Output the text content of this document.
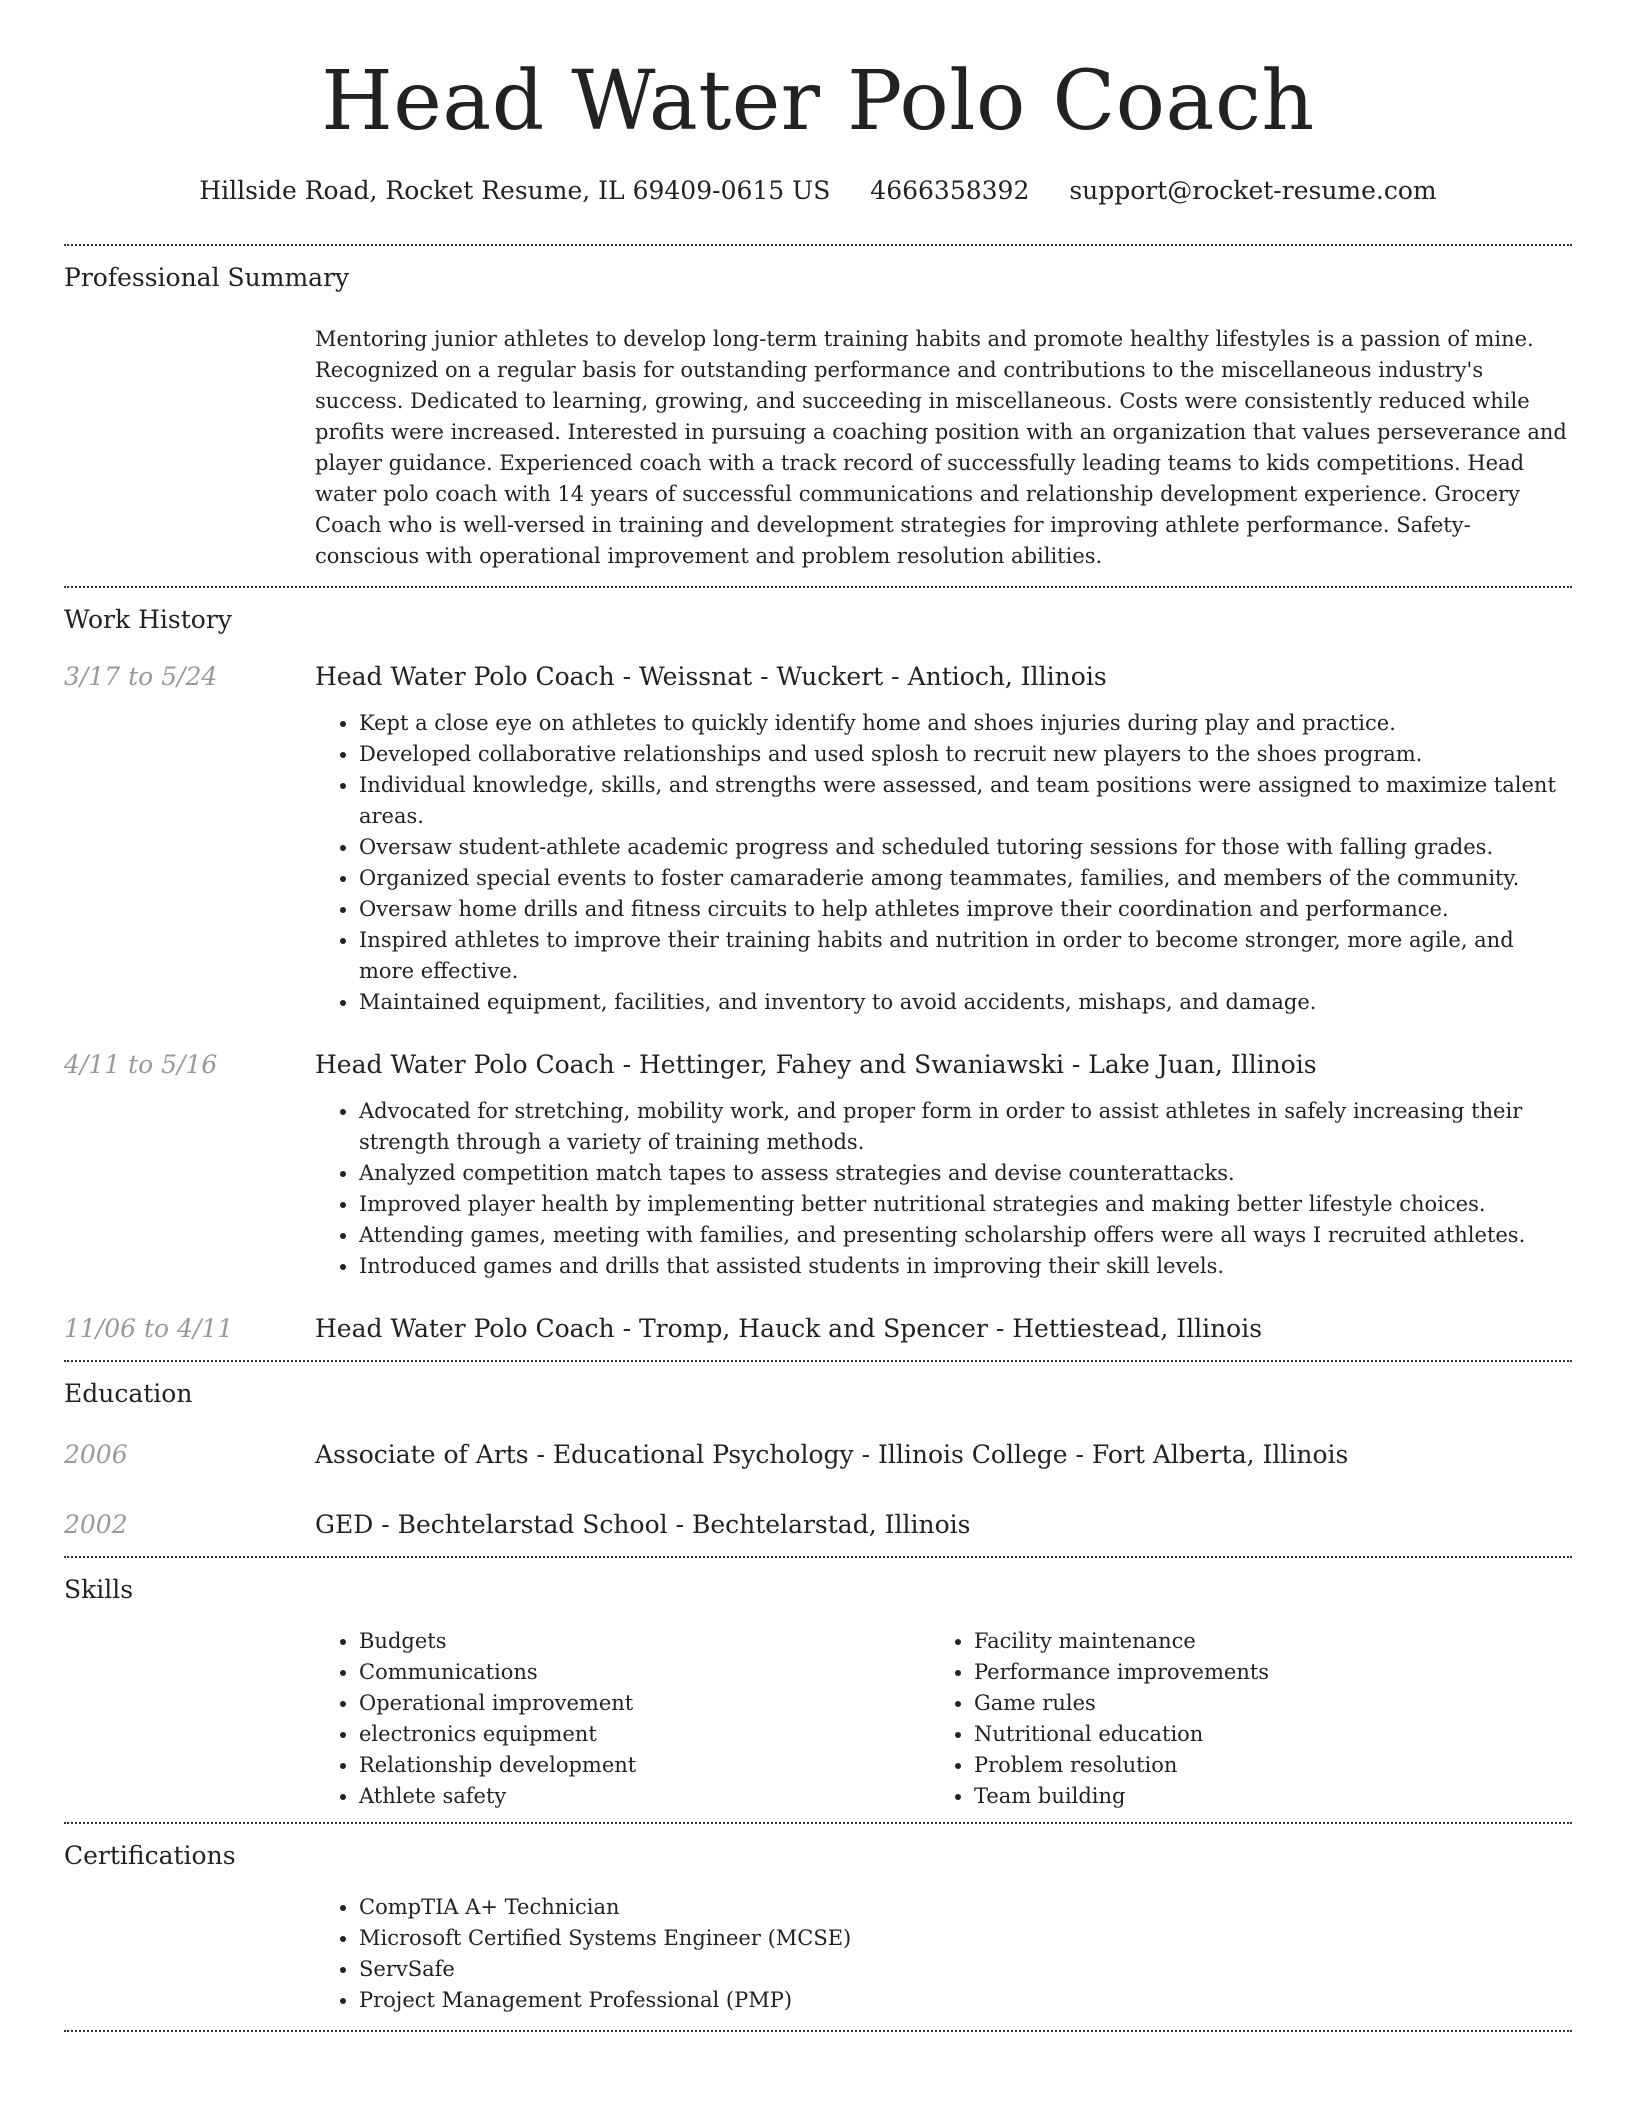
Head Water Polo Coach
Hillside Road, Rocket Resume, IL 69409-0615 US 4666358392 support@rocket-resume.com
Professional Summary
Mentoring junior athletes to develop long-term training habits and promote healthy lifestyles is a passion of mine. Recognized on a regular basis for outstanding performance and contributions to the miscellaneous industry's success. Dedicated to learning, growing, and succeeding in miscellaneous. Costs were consistently reduced while profits were increased. Interested in pursuing a coaching position with an organization that values perseverance and player guidance. Experienced coach with a track record of successfully leading teams to kids competitions. Head water polo coach with 14 years of successful communications and relationship development experience. Grocery Coach who is well-versed in training and development strategies for improving athlete performance. Safety-conscious with operational improvement and problem resolution abilities.
Work History
3/17 to 5/24	Head Water Polo Coach - Weissnat - Wuckert - Antioch, Illinois
• Kept a close eye on athletes to quickly identify home and shoes injuries during play and practice.
• Developed collaborative relationships and used splosh to recruit new players to the shoes program.
• Individual knowledge, skills, and strengths were assessed, and team positions were assigned to maximize talent areas.
• Oversaw student-athlete academic progress and scheduled tutoring sessions for those with falling grades.
• Organized special events to foster camaraderie among teammates, families, and members of the community.
• Oversaw home drills and fitness circuits to help athletes improve their coordination and performance.
• Inspired athletes to improve their training habits and nutrition in order to become stronger, more agile, and more effective.
• Maintained equipment, facilities, and inventory to avoid accidents, mishaps, and damage.
4/11 to 5/16	Head Water Polo Coach - Hettinger, Fahey and Swaniawski - Lake Juan, Illinois
• Advocated for stretching, mobility work, and proper form in order to assist athletes in safely increasing their strength through a variety of training methods.
• Analyzed competition match tapes to assess strategies and devise counterattacks.
• Improved player health by implementing better nutritional strategies and making better lifestyle choices.
• Attending games, meeting with families, and presenting scholarship offers were all ways I recruited athletes.
• Introduced games and drills that assisted students in improving their skill levels.
11/06 to 4/11	Head Water Polo Coach - Tromp, Hauck and Spencer - Hettiestead, Illinois
Education
2006	Associate of Arts - Educational Psychology - Illinois College - Fort Alberta, Illinois
2002	GED - Bechtelarstad School - Bechtelarstad, Illinois
Skills
• Budgets
• Communications
• Operational improvement
• electronics equipment
• Relationship development
• Athlete safety
• Facility maintenance
• Performance improvements
• Game rules
• Nutritional education
• Problem resolution
• Team building
Certifications
• CompTIA A+ Technician
• Microsoft Certified Systems Engineer (MCSE)
• ServSafe
• Project Management Professional (PMP)
